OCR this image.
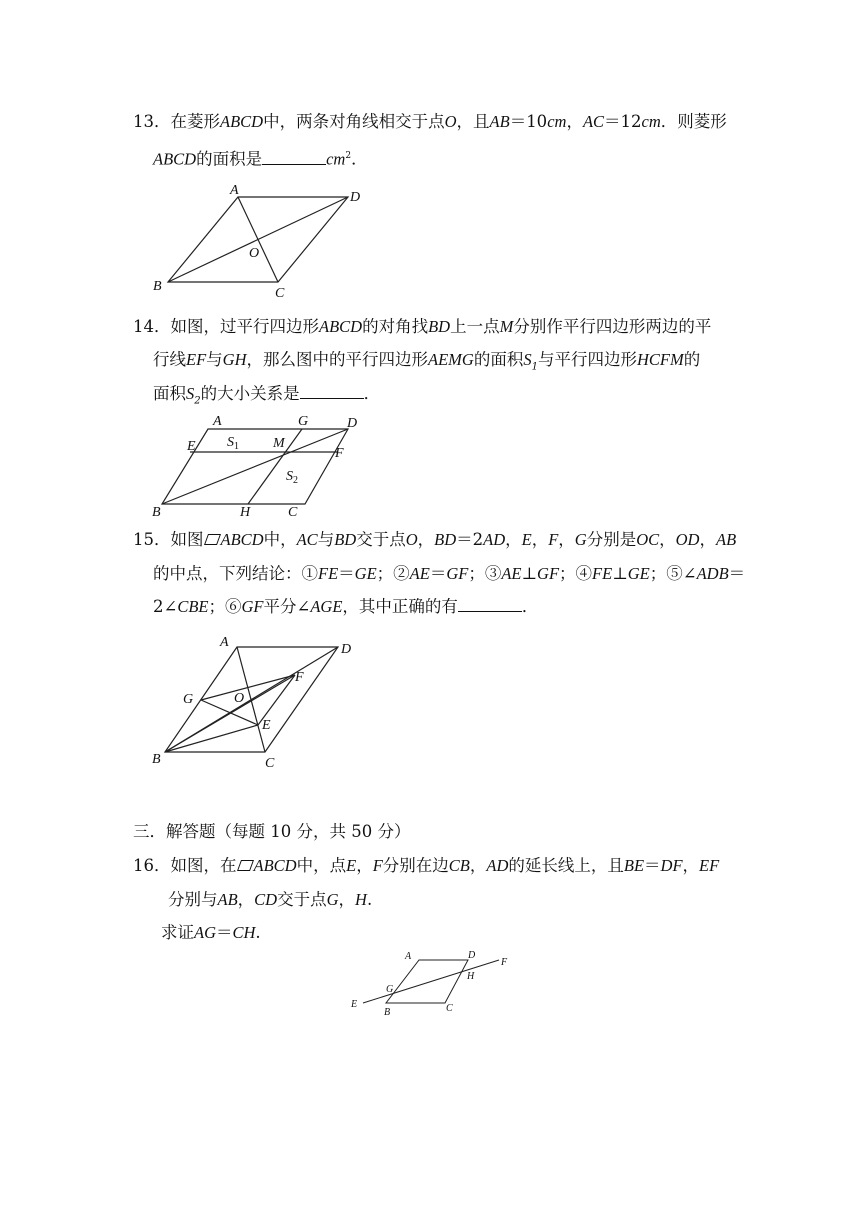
13．在菱形ABCD中，两条对角线相交于点O，且AB＝10cm，AC＝12cm．则菱形
ABCD的面积是	$cm^2$．
A	D
O
B	C
14．如图，过平行四边形ABCD的对角找BD上一点M分别作平行四边形两边的平
行线EF与GH，那么图中的平行四边形AEMG的面积$S_1$与平行四边形HCFM的
面积$S_2$的大小关系是	．
A	G	D
E $S_1$ M
F
$S_2$
B	H	C
15．如图 ABCD中，AC与BD交于点O，BD＝2AD，E，F，G分别是OC，OD，AB
的中点，下列结论：①FE＝GE；②AE＝GF；③AE⊥GF；④FE⊥GE；⑤∠ADB＝
2∠CBE；⑥GF平分∠AGE，其中正确的有	．
A	D
G	O
F
E
B	C
三．解答题（每题 10 分，共 50 分）
16．如图，在 ABCD中，点E，F分别在边CB，AD的延长线上，且BE＝DF，EF
分别与AB，CD交于点G，H.
求证AG＝CH.
A	D
F
H
G
E
B	C
